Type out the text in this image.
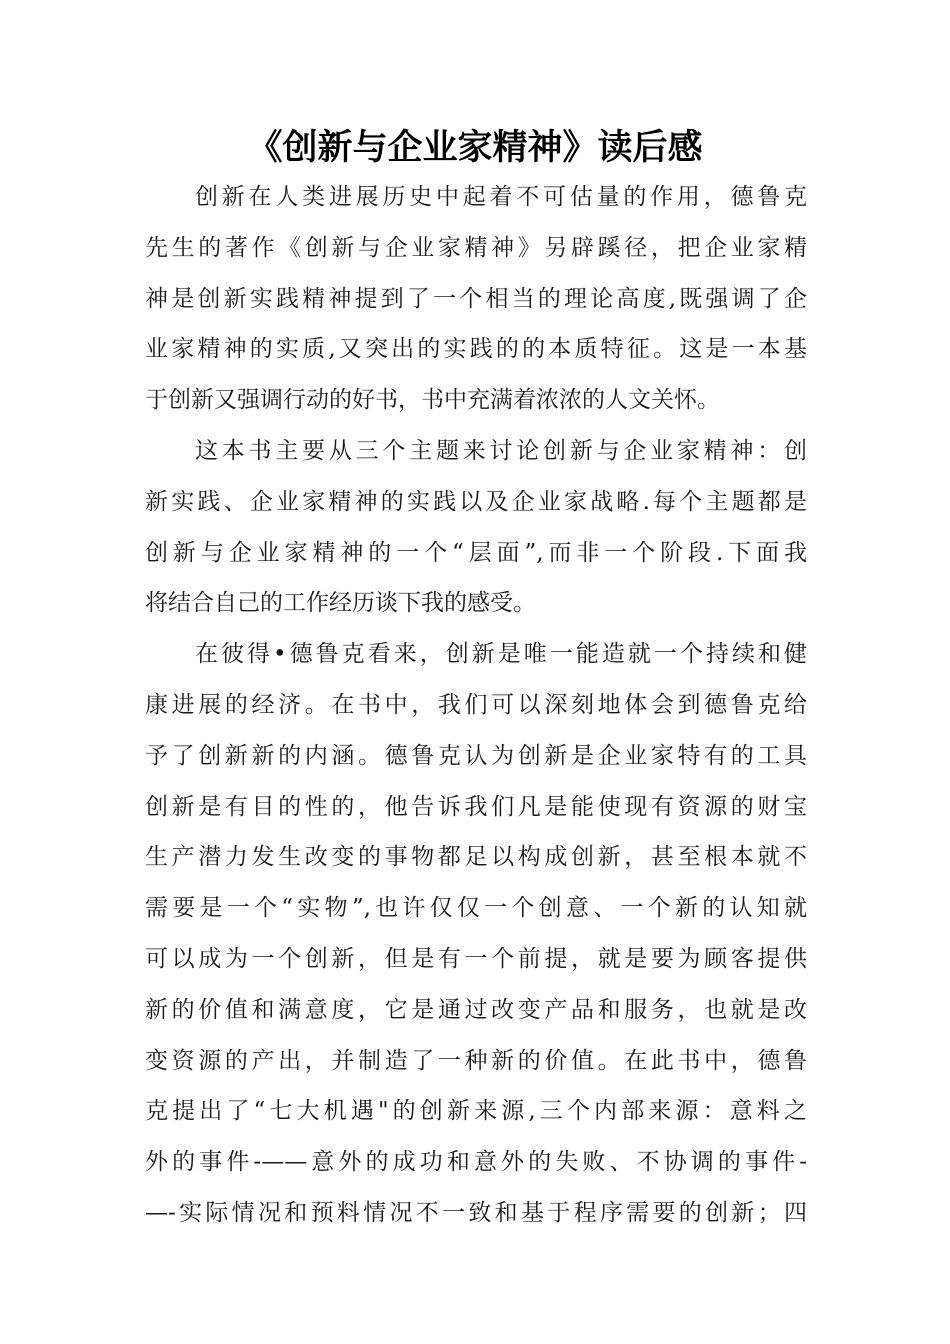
《创新与企业家精神》读后感
创新在人类进展历史中起着不可估量的作用，德鲁克
先生的著作《创新与企业家精神》另辟蹊径，把企业家精
神是创新实践精神提到了一个相当的理论高度,既强调了企
业家精神的实质,又突出的实践的的本质特征。这是一本基
于创新又强调行动的好书，书中充满着浓浓的人文关怀。
这本书主要从三个主题来讨论创新与企业家精神：创
新实践、企业家精神的实践以及企业家战略.每个主题都是
创新与企业家精神的一个“层面”,而非一个阶段.下面我
将结合自己的工作经历谈下我的感受。
在彼得•德鲁克看来，创新是唯一能造就一个持续和健
康进展的经济。在书中，我们可以深刻地体会到德鲁克给
予了创新新的内涵。德鲁克认为创新是企业家特有的工具
创新是有目的性的，他告诉我们凡是能使现有资源的财宝
生产潜力发生改变的事物都足以构成创新，甚至根本就不
需要是一个“实物”,也许仅仅一个创意、一个新的认知就
可以成为一个创新，但是有一个前提，就是要为顾客提供
新的价值和满意度，它是通过改变产品和服务，也就是改
变资源的产出，并制造了一种新的价值。在此书中，德鲁
克提出了“七大机遇"的创新来源,三个内部来源：意料之
外的事件-——意外的成功和意外的失败、不协调的事件-
—-实际情况和预料情况不一致和基于程序需要的创新；四
